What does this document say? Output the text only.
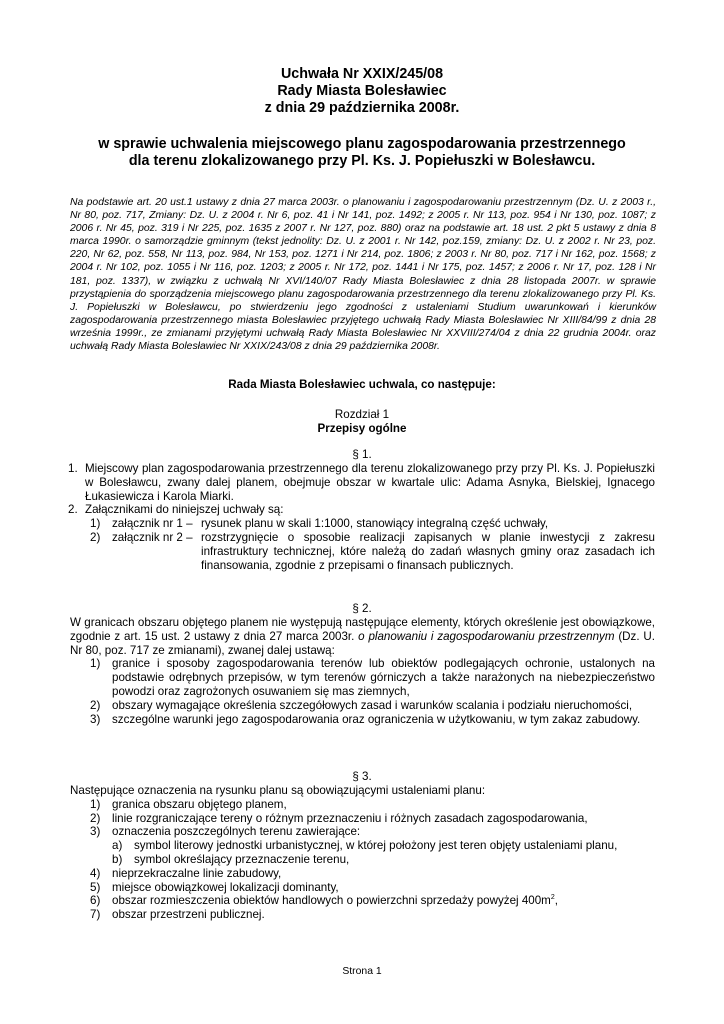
Uchwała Nr XXIX/245/08
Rady Miasta Bolesławiec
z dnia 29 października 2008r.
w sprawie uchwalenia miejscowego planu zagospodarowania przestrzennego
dla terenu zlokalizowanego przy Pl. Ks. J. Popiełuszki w Bolesławcu.
Na podstawie art. 20 ust.1 ustawy z dnia 27 marca 2003r. o planowaniu i zagospodarowaniu przestrzennym (Dz. U. z 2003 r., Nr 80, poz. 717, Zmiany: Dz. U. z 2004 r. Nr 6, poz. 41 i Nr 141, poz. 1492; z 2005 r. Nr 113, poz. 954 i Nr 130, poz. 1087; z 2006 r. Nr 45, poz. 319 i Nr 225, poz. 1635 z 2007 r. Nr 127, poz. 880) oraz na podstawie art. 18 ust. 2 pkt 5 ustawy z dnia 8 marca 1990r. o samorządzie gminnym (tekst jednolity: Dz. U. z 2001 r. Nr 142, poz.159, zmiany: Dz. U. z 2002 r. Nr 23, poz. 220, Nr 62, poz. 558, Nr 113, poz. 984, Nr 153, poz. 1271 i Nr 214, poz. 1806; z 2003 r. Nr 80, poz. 717 i Nr 162, poz. 1568; z 2004 r. Nr 102, poz. 1055 i Nr 116, poz. 1203; z 2005 r. Nr 172, poz. 1441 i Nr 175, poz. 1457; z 2006 r. Nr 17, poz. 128 i Nr 181, poz. 1337), w związku z uchwałą Nr XVI/140/07 Rady Miasta Bolesławiec z dnia 28 listopada 2007r. w sprawie przystąpienia do sporządzenia miejscowego planu zagospodarowania przestrzennego dla terenu zlokalizowanego przy Pl. Ks. J. Popiełuszki w Bolesławcu, po stwierdzeniu jego zgodności z ustaleniami Studium uwarunkowań i kierunków zagospodarowania przestrzennego miasta Bolesławiec przyjętego uchwałą Rady Miasta Bolesławiec Nr XIII/84/99 z dnia 28 września 1999r., ze zmianami przyjętymi uchwałą Rady Miasta Bolesławiec Nr XXVIII/274/04 z dnia 22 grudnia 2004r. oraz uchwałą Rady Miasta Bolesławiec Nr XXIX/243/08 z dnia 29 października 2008r.
Rada Miasta Bolesławiec uchwala, co następuje:
Rozdział 1
Przepisy ogólne
§ 1.
1. Miejscowy plan zagospodarowania przestrzennego dla terenu zlokalizowanego przy przy Pl. Ks. J. Popiełuszki w Bolesławcu, zwany dalej planem, obejmuje obszar w kwartale ulic: Adama Asnyka, Bielskiej, Ignacego Łukasiewicza i Karola Miarki.
2. Załącznikami do niniejszej uchwały są:
1) załącznik nr 1 – rysunek planu w skali 1:1000, stanowiący integralną część uchwały,
2) załącznik nr 2 – rozstrzygnięcie o sposobie realizacji zapisanych w planie inwestycji z zakresu infrastruktury technicznej, które należą do zadań własnych gminy oraz zasadach ich finansowania, zgodnie z przepisami o finansach publicznych.
§ 2.
W granicach obszaru objętego planem nie występują następujące elementy, których określenie jest obowiązkowe, zgodnie z art. 15 ust. 2 ustawy z dnia 27 marca 2003r. o planowaniu i zagospodarowaniu przestrzennym (Dz. U. Nr 80, poz. 717 ze zmianami), zwanej dalej ustawą:
1) granice i sposoby zagospodarowania terenów lub obiektów podlegających ochronie, ustalonych na podstawie odrębnych przepisów, w tym terenów górniczych a także narażonych na niebezpieczeństwo powodzi oraz zagrożonych osuwaniem się mas ziemnych,
2) obszary wymagające określenia szczegółowych zasad i warunków scalania i podziału nieruchomości,
3) szczególne warunki jego zagospodarowania oraz ograniczenia w użytkowaniu, w tym zakaz zabudowy.
§ 3.
Następujące oznaczenia na rysunku planu są obowiązującymi ustaleniami planu:
1) granica obszaru objętego planem,
2) linie rozgraniczające tereny o różnym przeznaczeniu i różnych zasadach zagospodarowania,
3) oznaczenia poszczególnych terenu zawierające:
a) symbol literowy jednostki urbanistycznej, w której położony jest teren objęty ustaleniami planu,
b) symbol określający przeznaczenie terenu,
4) nieprzekraczalne linie zabudowy,
5) miejsce obowiązkowej lokalizacji dominanty,
6) obszar rozmieszczenia obiektów handlowych o powierzchni sprzedaży powyżej $400m^2$,
7) obszar przestrzeni publicznej.
Strona 1
